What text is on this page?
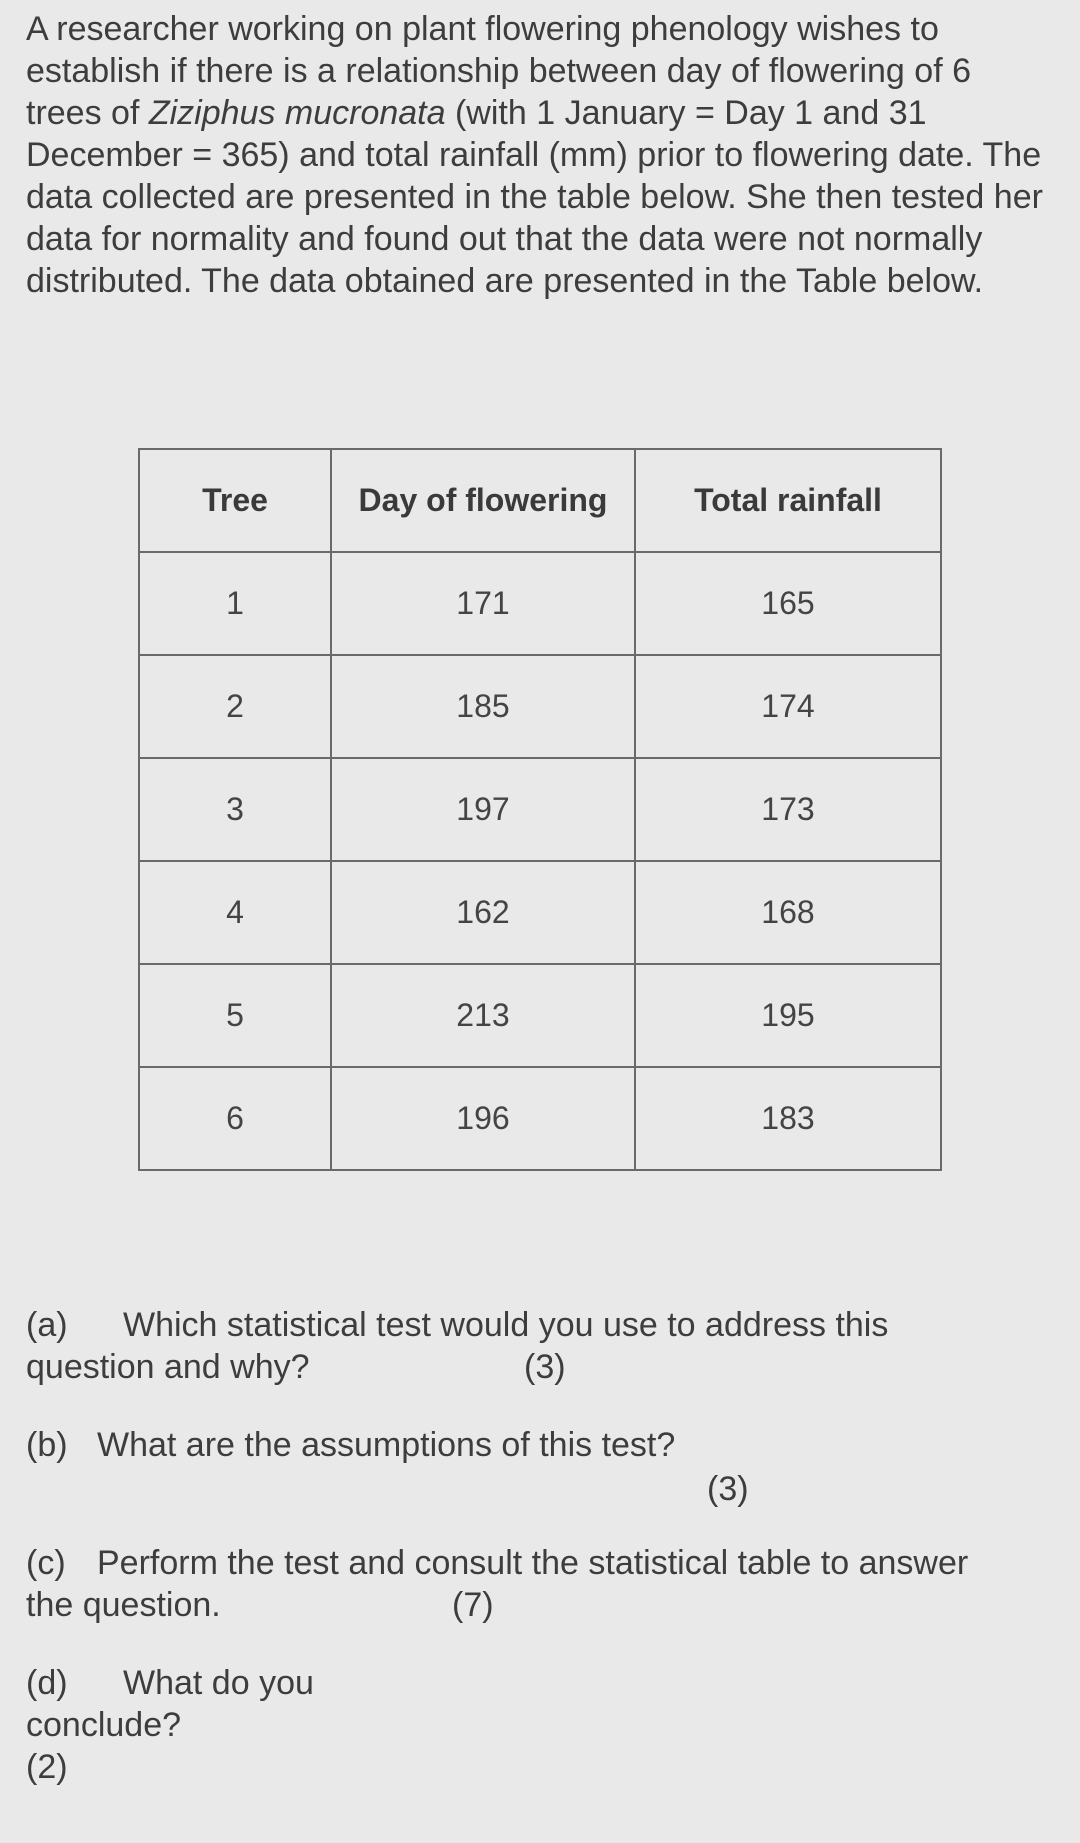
A researcher working on plant flowering phenology wishes to establish if there is a relationship between day of flowering of 6 trees of Ziziphus mucronata (with 1 January = Day 1 and 31 December = 365) and total rainfall (mm) prior to flowering date. The data collected are presented in the table below. She then tested her data for normality and found out that the data were not normally distributed. The data obtained are presented in the Table below.

Tree	Day of flowering	Total rainfall
1	171	165
2	185	174
3	197	173
4	162	168
5	213	195
6	196	183
(a) Which statistical test would you use to address this
question and why?	(3)
(b) What are the assumptions of this test?
(3)
(c) Perform the test and consult the statistical table to answer
the question.	(7)
(d) What do you
conclude?
(2)
